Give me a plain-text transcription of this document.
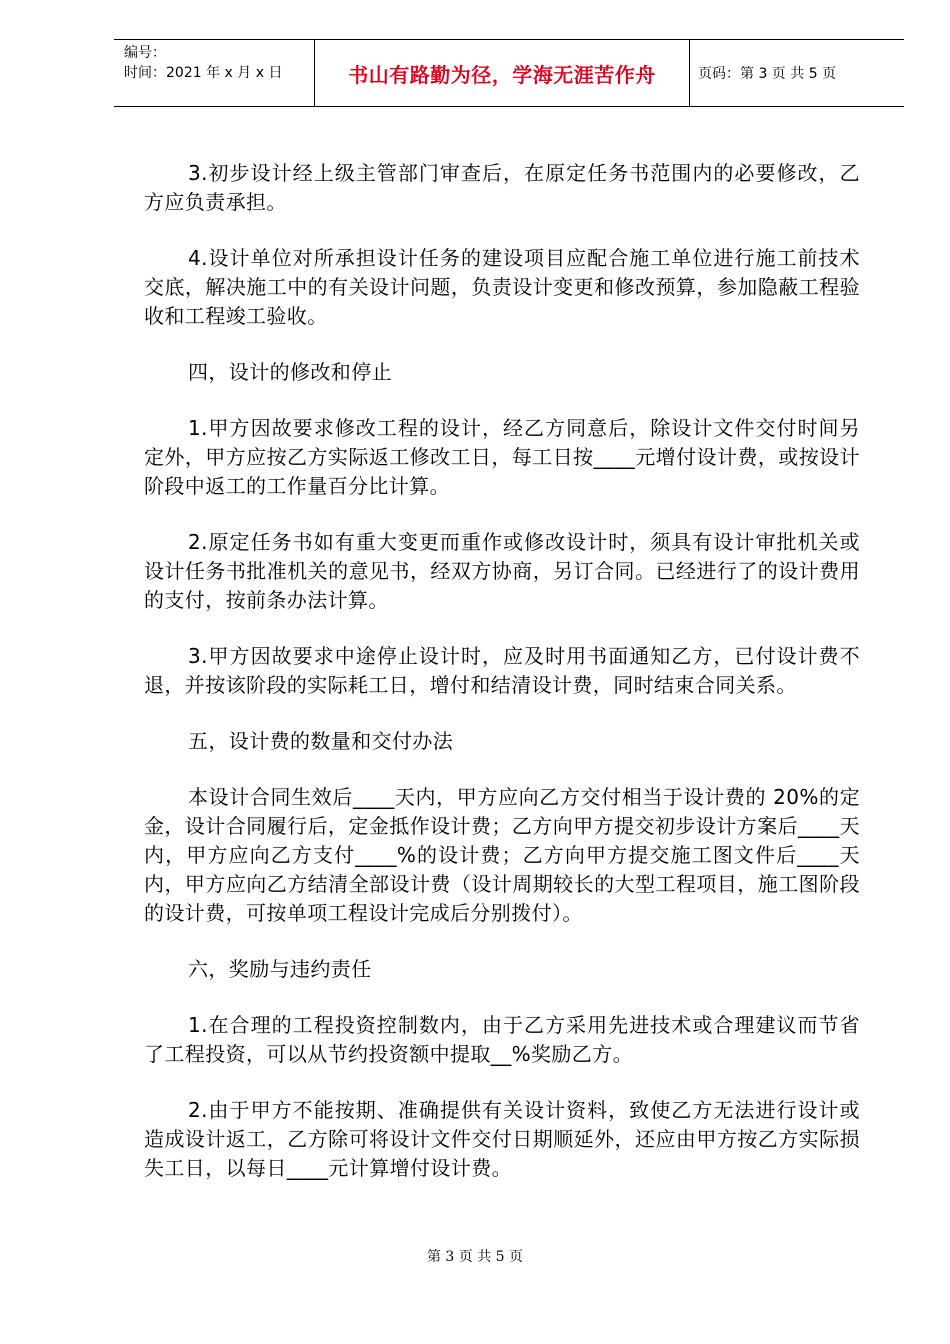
编号：
时间：2021 年 x 月 x 日	书山有路勤为径，学海无涯苦作舟	页码：第 3 页 共 5 页

3.初步设计经上级主管部门审查后，在原定任务书范围内的必要修改，乙方应负责承担。

4.设计单位对所承担设计任务的建设项目应配合施工单位进行施工前技术交底，解决施工中的有关设计问题，负责设计变更和修改预算，参加隐蔽工程验收和工程竣工验收。

四，设计的修改和停止

1.甲方因故要求修改工程的设计，经乙方同意后，除设计文件交付时间另定外，甲方应按乙方实际返工修改工日，每工日按____元增付设计费，或按设计阶段中返工的工作量百分比计算。

2.原定任务书如有重大变更而重作或修改设计时，须具有设计审批机关或设计任务书批准机关的意见书，经双方协商，另订合同。已经进行了的设计费用的支付，按前条办法计算。

3.甲方因故要求中途停止设计时，应及时用书面通知乙方，已付设计费不退，并按该阶段的实际耗工日，增付和结清设计费，同时结束合同关系。

五，设计费的数量和交付办法

本设计合同生效后____天内，甲方应向乙方交付相当于设计费的 20%的定金，设计合同履行后，定金抵作设计费；乙方向甲方提交初步设计方案后____天内，甲方应向乙方支付____%的设计费；乙方向甲方提交施工图文件后____天内，甲方应向乙方结清全部设计费（设计周期较长的大型工程项目，施工图阶段的设计费，可按单项工程设计完成后分别拨付）。

六，奖励与违约责任

1.在合理的工程投资控制数内，由于乙方采用先进技术或合理建议而节省了工程投资，可以从节约投资额中提取__%奖励乙方。

2.由于甲方不能按期、准确提供有关设计资料，致使乙方无法进行设计或造成设计返工，乙方除可将设计文件交付日期顺延外，还应由甲方按乙方实际损失工日，以每日____元计算增付设计费。

第 3 页 共 5 页
